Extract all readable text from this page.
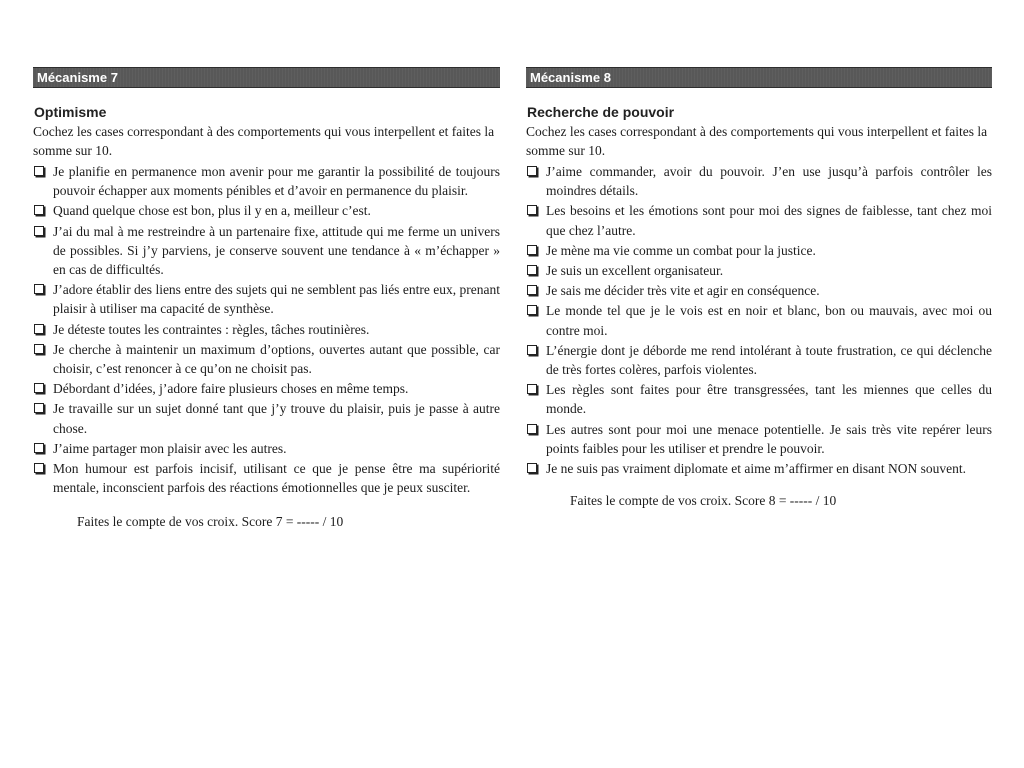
Mécanisme 7
Optimisme
Cochez les cases correspondant à des comportements qui vous interpellent et faites la somme sur 10.
Je planifie en permanence mon avenir pour me garantir la possibilité de toujours pouvoir échapper aux moments pénibles et d’avoir en permanence du plaisir.
Quand quelque chose est bon, plus il y en a, meilleur c’est.
J’ai du mal à me restreindre à un partenaire fixe, attitude qui me ferme un univers de possibles. Si j’y parviens, je conserve souvent une tendance à « m’échapper » en cas de difficultés.
J’adore établir des liens entre des sujets qui ne semblent pas liés entre eux, prenant plaisir à utiliser ma capacité de synthèse.
Je déteste toutes les contraintes : règles, tâches routinières.
Je cherche à maintenir un maximum d’options, ouvertes autant que possible, car choisir, c’est renoncer à ce qu’on ne choisit pas.
Débordant d’idées, j’adore faire plusieurs choses en même temps.
Je travaille sur un sujet donné tant que j’y trouve du plaisir, puis je passe à autre chose.
J’aime partager mon plaisir avec les autres.
Mon humour est parfois incisif, utilisant ce que je pense être ma supériorité mentale, inconscient parfois des réactions émotionnelles que je peux susciter.
Faites le compte de vos croix. Score 7 = ----- / 10
Mécanisme 8
Recherche de pouvoir
Cochez les cases correspondant à des comportements qui vous interpellent et faites la somme sur 10.
J’aime commander, avoir du pouvoir. J’en use jusqu’à parfois contrôler les moindres détails.
Les besoins et les émotions sont pour moi des signes de faiblesse, tant chez moi que chez l’autre.
Je mène ma vie comme un combat pour la justice.
Je suis un excellent organisateur.
Je sais me décider très vite et agir en conséquence.
Le monde tel que je le vois est en noir et blanc, bon ou mauvais, avec moi ou contre moi.
L’énergie dont je déborde me rend intolérant à toute frustration, ce qui déclenche de très fortes colères, parfois violentes.
Les règles sont faites pour être transgressées, tant les miennes que celles du monde.
Les autres sont pour moi une menace potentielle. Je sais très vite repérer leurs points faibles pour les utiliser et prendre le pouvoir.
Je ne suis pas vraiment diplomate et aime m’affirmer en disant NON souvent.
Faites le compte de vos croix. Score 8 = ----- / 10
